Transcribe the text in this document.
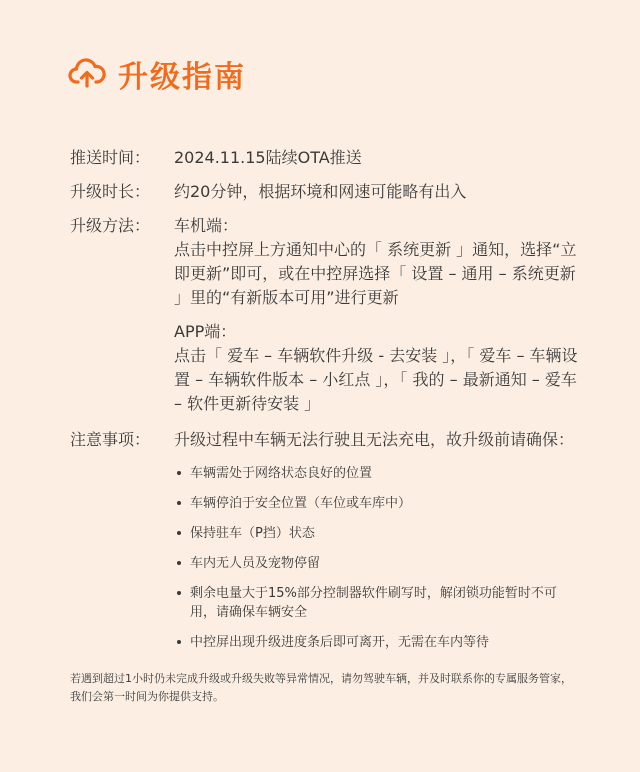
升级指南
推送时间：	2024.11.15陆续OTA推送
升级时长：	约20分钟，根据环境和网速可能略有出入
升级方法：	车机端：
点击中控屏上方通知中心的「 系统更新 」通知，选择“立即更新”即可，或在中控屏选择「 设置 – 通用 – 系统更新 」里的“有新版本可用”进行更新
APP端：
点击「 爱车 – 车辆软件升级 - 去安装 」，「 爱车 – 车辆设置 – 车辆软件版本 – 小红点 」，「 我的 – 最新通知 – 爱车 – 软件更新待安装 」
注意事项：	升级过程中车辆无法行驶且无法充电，故升级前请确保：
车辆需处于网络状态良好的位置
车辆停泊于安全位置（车位或车库中）
保持驻车（P挡）状态
车内无人员及宠物停留
剩余电量大于15%部分控制器软件刷写时，解闭锁功能暂时不可用，请确保车辆安全
中控屏出现升级进度条后即可离开，无需在车内等待
若遇到超过1小时仍未完成升级或升级失败等异常情况，请勿驾驶车辆，并及时联系你的专属服务管家，我们会第一时间为你提供支持。
